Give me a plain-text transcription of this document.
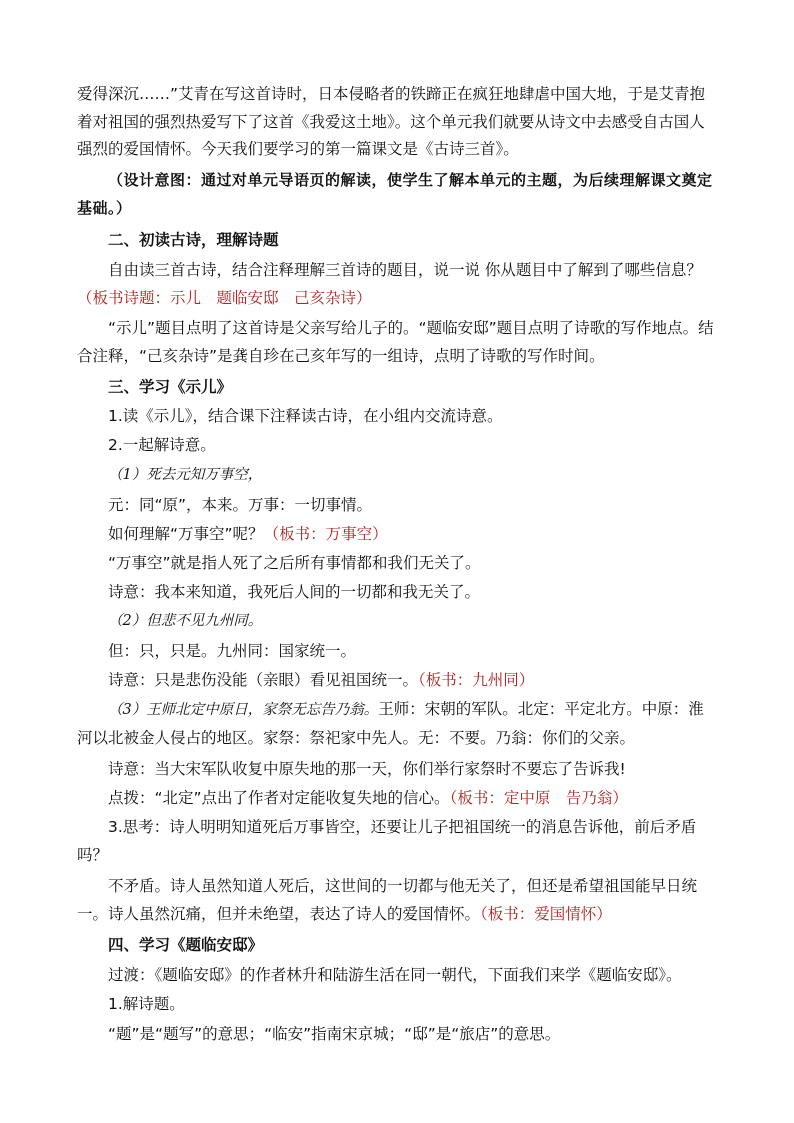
爱得深沉……”艾青在写这首诗时，日本侵略者的铁蹄正在疯狂地肆虐中国大地，于是艾青抱着对祖国的强烈热爱写下了这首《我爱这土地》。这个单元我们就要从诗文中去感受自古国人强烈的爱国情怀。今天我们要学习的第一篇课文是《古诗三首》。

（设计意图：通过对单元导语页的解读，使学生了解本单元的主题，为后续理解课文奠定基础。）

二、初读古诗，理解诗题

自由读三首古诗，结合注释理解三首诗的题目，说一说 你从题目中了解到了哪些信息？（板书诗题：示儿　题临安邸　己亥杂诗）

“示儿”题目点明了这首诗是父亲写给儿子的。“题临安邸”题目点明了诗歌的写作地点。结合注释，“己亥杂诗”是龚自珍在己亥年写的一组诗，点明了诗歌的写作时间。

三、学习《示儿》

1.读《示儿》，结合课下注释读古诗，在小组内交流诗意。

2.一起解诗意。

（1）死去元知万事空，

元：同“原”，本来。万事：一切事情。

如何理解“万事空”呢？（板书：万事空）

“万事空”就是指人死了之后所有事情都和我们无关了。

诗意：我本来知道，我死后人间的一切都和我无关了。

（2）但悲不见九州同。

但：只，只是。九州同：国家统一。

诗意：只是悲伤没能（亲眼）看见祖国统一。（板书：九州同）

（3）王师北定中原日，家祭无忘告乃翁。王师：宋朝的军队。北定：平定北方。中原：淮河以北被金人侵占的地区。家祭：祭祀家中先人。无：不要。乃翁：你们的父亲。

诗意：当大宋军队收复中原失地的那一天，你们举行家祭时不要忘了告诉我!

点拨：“北定”点出了作者对定能收复失地的信心。（板书：定中原　告乃翁）

3.思考：诗人明明知道死后万事皆空，还要让儿子把祖国统一的消息告诉他，前后矛盾吗？

不矛盾。诗人虽然知道人死后，这世间的一切都与他无关了，但还是希望祖国能早日统一。诗人虽然沉痛，但并未绝望，表达了诗人的爱国情怀。（板书：爱国情怀）

四、学习《题临安邸》

过渡：《题临安邸》的作者林升和陆游生活在同一朝代，下面我们来学《题临安邸》。

1.解诗题。

“题”是“题写”的意思；“临安”指南宋京城；“邸”是“旅店”的意思。
